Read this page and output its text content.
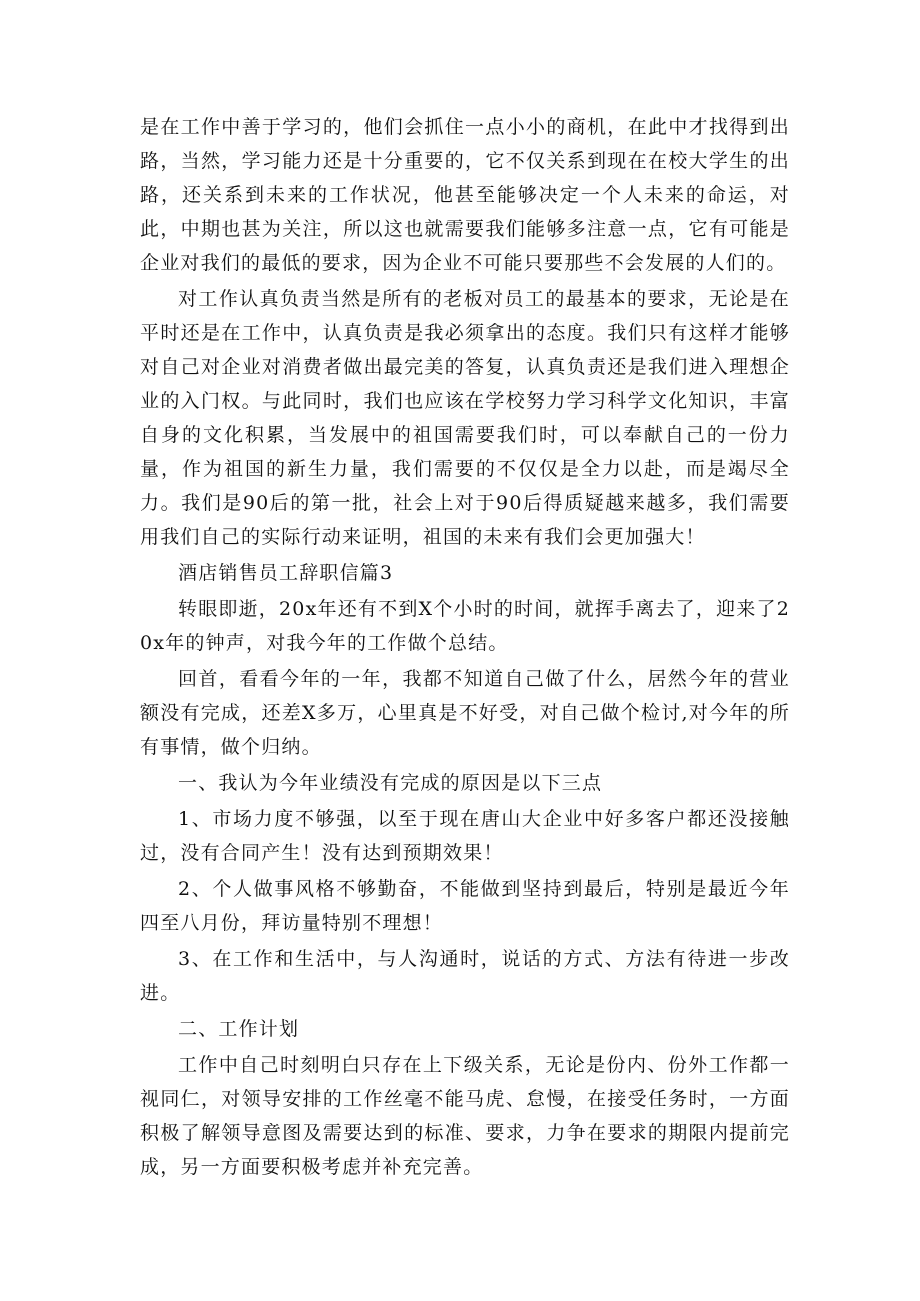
是在工作中善于学习的，他们会抓住一点小小的商机，在此中才找得到出路，当然，学习能力还是十分重要的，它不仅关系到现在在校大学生的出路，还关系到未来的工作状况，他甚至能够决定一个人未来的命运，对此，中期也甚为关注，所以这也就需要我们能够多注意一点，它有可能是企业对我们的最低的要求，因为企业不可能只要那些不会发展的人们的。

对工作认真负责当然是所有的老板对员工的最基本的要求，无论是在平时还是在工作中，认真负责是我必须拿出的态度。我们只有这样才能够对自己对企业对消费者做出最完美的答复，认真负责还是我们进入理想企业的入门权。与此同时，我们也应该在学校努力学习科学文化知识，丰富自身的文化积累，当发展中的祖国需要我们时，可以奉献自己的一份力量，作为祖国的新生力量，我们需要的不仅仅是全力以赴，而是竭尽全力。我们是90后的第一批，社会上对于90后得质疑越来越多，我们需要用我们自己的实际行动来证明，祖国的未来有我们会更加强大！

酒店销售员工辞职信篇3

转眼即逝，20x年还有不到X个小时的时间，就挥手离去了，迎来了20x年的钟声，对我今年的工作做个总结。

回首，看看今年的一年，我都不知道自己做了什么，居然今年的营业额没有完成，还差X多万，心里真是不好受，对自己做个检讨,对今年的所有事情，做个归纳。

一、我认为今年业绩没有完成的原因是以下三点

1、市场力度不够强，以至于现在唐山大企业中好多客户都还没接触过，没有合同产生！没有达到预期效果！

2、个人做事风格不够勤奋，不能做到坚持到最后，特别是最近今年四至八月份，拜访量特别不理想！

3、在工作和生活中，与人沟通时，说话的方式、方法有待进一步改进。

二、工作计划

工作中自己时刻明白只存在上下级关系，无论是份内、份外工作都一视同仁，对领导安排的工作丝毫不能马虎、怠慢，在接受任务时，一方面积极了解领导意图及需要达到的标准、要求，力争在要求的期限内提前完成，另一方面要积极考虑并补充完善。
